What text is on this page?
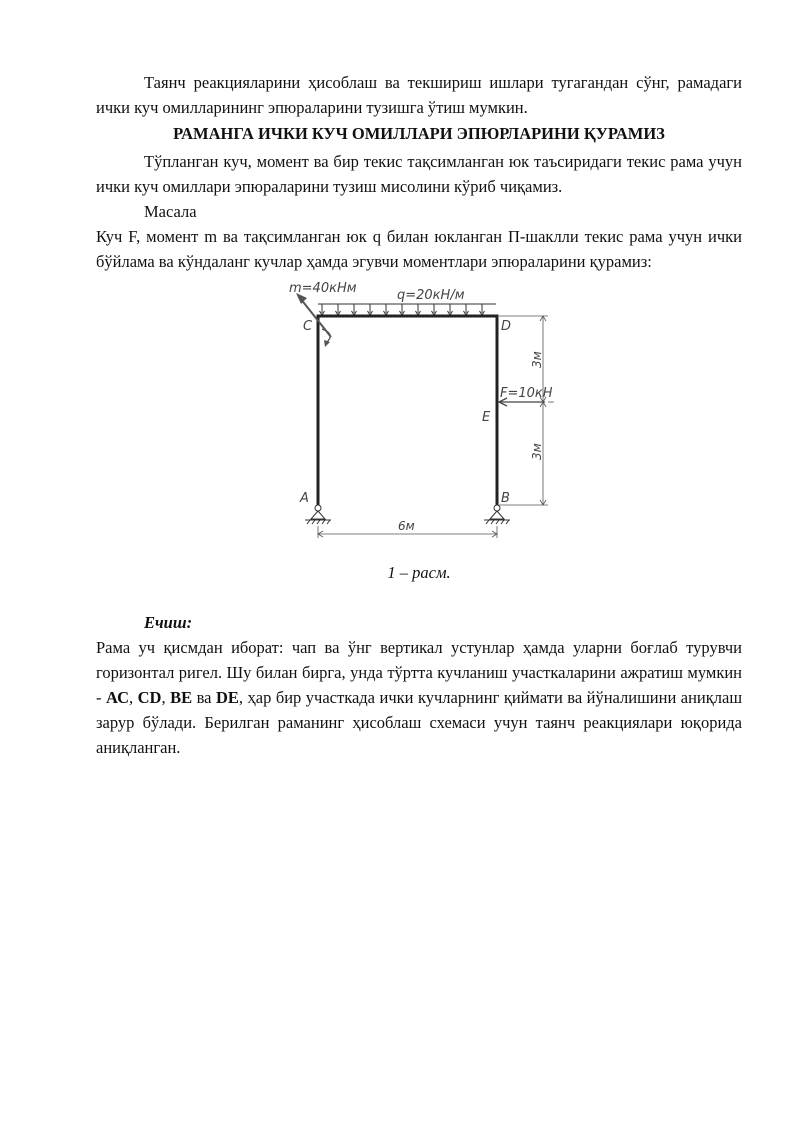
Таянч реакцияларини ҳисоблаш ва текшириш ишлари тугагандан сўнг, рамадаги ички куч омилларининг эпюраларини тузишга ўтиш мумкин.

РАМАНГА ИЧКИ КУЧ ОМИЛЛАРИ ЭПЮРЛАРИНИ ҚУРАМИЗ

Тўпланган куч, момент ва бир текис тақсимланган юк таъсиридаги текис рама учун ички куч омиллари эпюраларини тузиш мисолини кўриб чиқамиз.

Масала

Куч F, момент m ва тақсимланган юк q билан юкланган П-шаклли текис рама учун ички бўйлама ва кўндаланг кучлар ҳамда эгувчи моментлари эпюраларини қурамиз:

q=20кН/м
m=40кНм
F=10кН
C	D
E
A	B
3м
3м
6м

1 – расм.

Ечиш:

Рама уч қисмдан иборат: чап ва ўнг вертикал устунлар ҳамда уларни боғлаб турувчи горизонтал ригел. Шу билан бирга, унда тўртта кучланиш участкаларини ажратиш мумкин - АС, CD, BE ва DE, ҳар бир участкада ички кучларнинг қиймати ва йўналишини аниқлаш зарур бўлади. Берилган раманинг ҳисоблаш схемаси учун таянч реакциялари юқорида аниқланган.
